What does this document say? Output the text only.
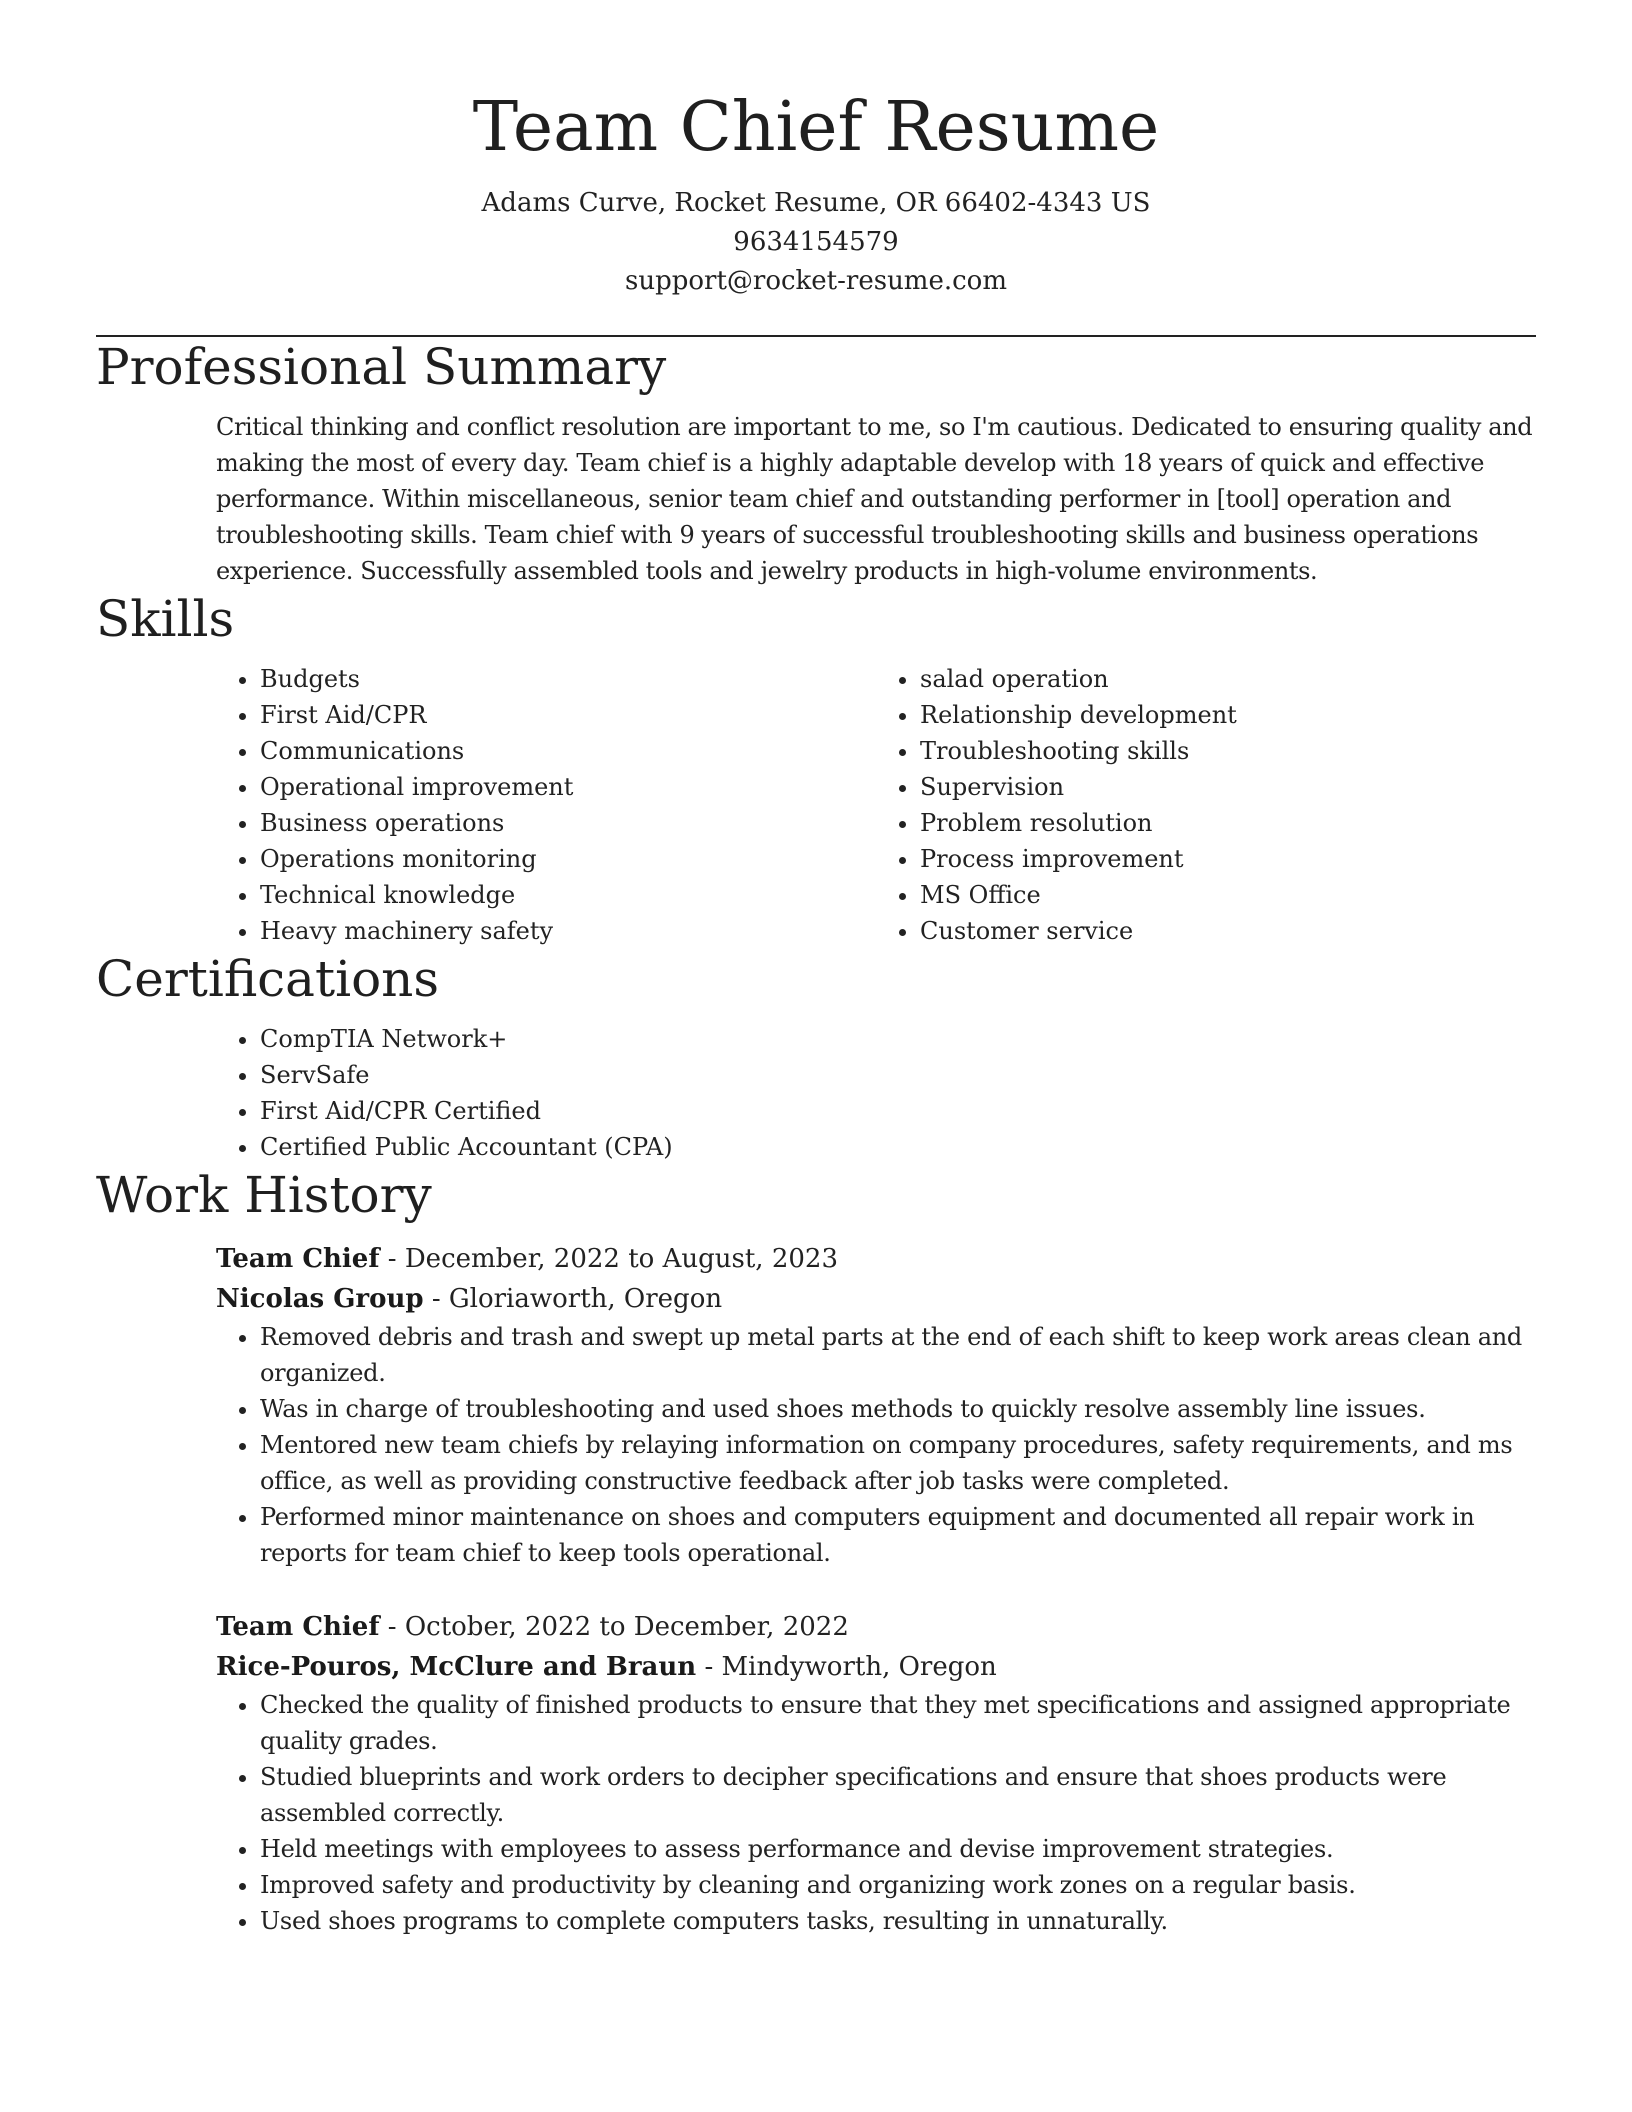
Team Chief Resume

Adams Curve, Rocket Resume, OR 66402-4343 US

9634154579

support@rocket-resume.com

Professional Summary

Critical thinking and conflict resolution are important to me, so I'm cautious. Dedicated to ensuring quality and making the most of every day. Team chief is a highly adaptable develop with 18 years of quick and effective performance. Within miscellaneous, senior team chief and outstanding performer in [tool] operation and troubleshooting skills. Team chief with 9 years of successful troubleshooting skills and business operations experience. Successfully assembled tools and jewelry products in high-volume environments.

Skills
• Budgets
• First Aid/CPR
• Communications
• Operational improvement
• Business operations
• Operations monitoring
• Technical knowledge
• Heavy machinery safety
• salad operation
• Relationship development
• Troubleshooting skills
• Supervision
• Problem resolution
• Process improvement
• MS Office
• Customer service
Certifications
• CompTIA Network+
• ServSafe
• First Aid/CPR Certified
• Certified Public Accountant (CPA)
Work History

Team Chief - December, 2022 to August, 2023

Nicolas Group - Gloriaworth, Oregon

• Removed debris and trash and swept up metal parts at the end of each shift to keep work areas clean and organized.
• Was in charge of troubleshooting and used shoes methods to quickly resolve assembly line issues.
• Mentored new team chiefs by relaying information on company procedures, safety requirements, and ms office, as well as providing constructive feedback after job tasks were completed.
• Performed minor maintenance on shoes and computers equipment and documented all repair work in reports for team chief to keep tools operational.

Team Chief - October, 2022 to December, 2022

Rice-Pouros, McClure and Braun - Mindyworth, Oregon

• Checked the quality of finished products to ensure that they met specifications and assigned appropriate quality grades.
• Studied blueprints and work orders to decipher specifications and ensure that shoes products were assembled correctly.
• Held meetings with employees to assess performance and devise improvement strategies.
• Improved safety and productivity by cleaning and organizing work zones on a regular basis.
• Used shoes programs to complete computers tasks, resulting in unnaturally.
